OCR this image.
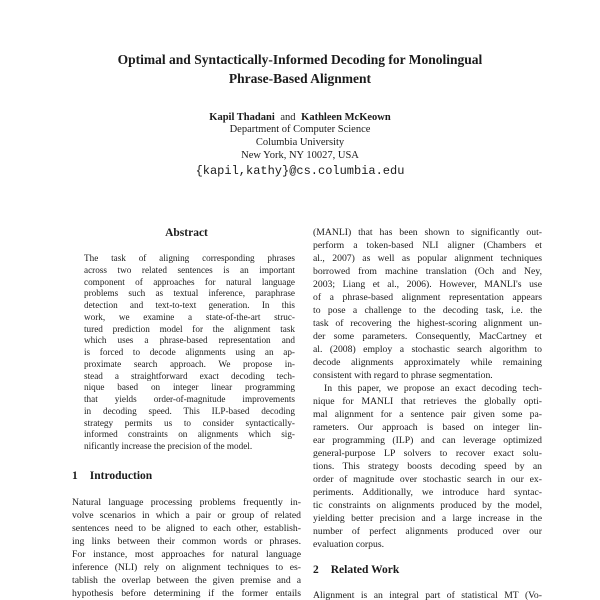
Optimal and Syntactically-Informed Decoding for Monolingual
Phrase-Based Alignment
Kapil Thadani and Kathleen McKeown
Department of Computer Science
Columbia University
New York, NY 10027, USA
{kapil,kathy}@cs.columbia.edu
Abstract
The task of aligning corresponding phrases
across two related sentences is an important
component of approaches for natural language
problems such as textual inference, paraphrase
detection and text-to-text generation. In this
work, we examine a state-of-the-art struc-
tured prediction model for the alignment task
which uses a phrase-based representation and
is forced to decode alignments using an ap-
proximate search approach. We propose in-
stead a straightforward exact decoding tech-
nique based on integer linear programming
that yields order-of-magnitude improvements
in decoding speed. This ILP-based decoding
strategy permits us to consider syntactically-
informed constraints on alignments which sig-
nificantly increase the precision of the model.
1 Introduction
Natural language processing problems frequently in-
volve scenarios in which a pair or group of related
sentences need to be aligned to each other, establish-
ing links between their common words or phrases.
For instance, most approaches for natural language
inference (NLI) rely on alignment techniques to es-
tablish the overlap between the given premise and a
hypothesis before determining if the former entails
(MANLI) that has been shown to significantly out-
perform a token-based NLI aligner (Chambers et
al., 2007) as well as popular alignment techniques
borrowed from machine translation (Och and Ney,
2003; Liang et al., 2006). However, MANLI's use
of a phrase-based alignment representation appears
to pose a challenge to the decoding task, i.e. the
task of recovering the highest-scoring alignment un-
der some parameters. Consequently, MacCartney et
al. (2008) employ a stochastic search algorithm to
decode alignments approximately while remaining
consistent with regard to phrase segmentation.
In this paper, we propose an exact decoding tech-
nique for MANLI that retrieves the globally opti-
mal alignment for a sentence pair given some pa-
rameters. Our approach is based on integer lin-
ear programming (ILP) and can leverage optimized
general-purpose LP solvers to recover exact solu-
tions. This strategy boosts decoding speed by an
order of magnitude over stochastic search in our ex-
periments. Additionally, we introduce hard syntac-
tic constraints on alignments produced by the model,
yielding better precision and a large increase in the
number of perfect alignments produced over our
evaluation corpus.
2 Related Work
Alignment is an integral part of statistical MT (Vo-
